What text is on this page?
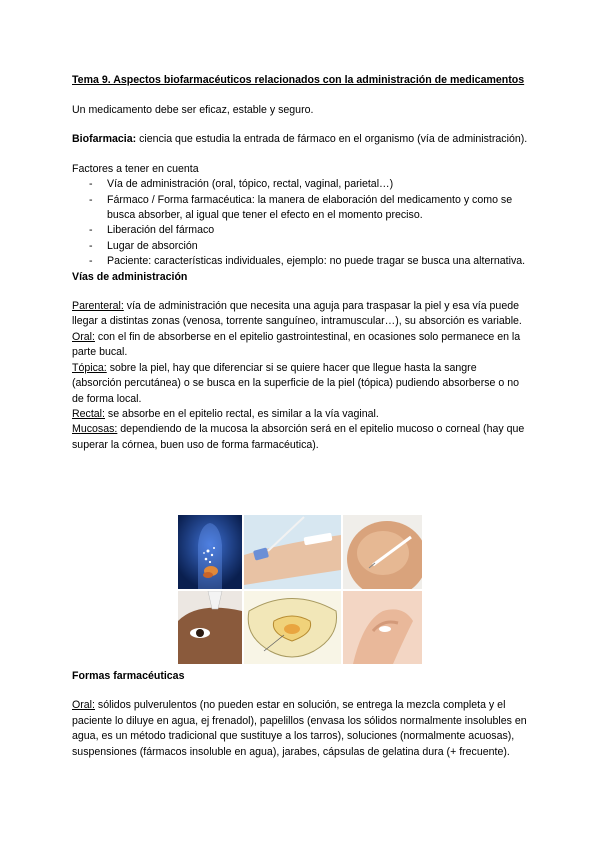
Tema 9. Aspectos biofarmacéuticos relacionados con la administración de medicamentos

Un medicamento debe ser eficaz, estable y seguro.

Biofarmacia: ciencia que estudia la entrada de fármaco en el organismo (vía de administración).

Factores a tener en cuenta

- Vía de administración (oral, tópico, rectal, vaginal, parietal…)
- Fármaco / Forma farmacéutica: la manera de elaboración del medicamento y como se busca absorber, al igual que tener el efecto en el momento preciso.
- Liberación del fármaco
- Lugar de absorción
- Paciente: características individuales, ejemplo: no puede tragar se busca una alternativa.

Vías de administración

Parenteral: vía de administración que necesita una aguja para traspasar la piel y esa vía puede llegar a distintas zonas (venosa, torrente sanguíneo, intramuscular…), su absorción es variable.

Oral: con el fin de absorberse en el epitelio gastrointestinal, en ocasiones solo permanece en la parte bucal.

Tópica: sobre la piel, hay que diferenciar si se quiere hacer que llegue hasta la sangre (absorción percutánea) o se busca en la superficie de la piel (tópica) pudiendo absorberse o no de forma local.

Rectal: se absorbe en el epitelio rectal, es similar a la vía vaginal.

Mucosas: dependiendo de la mucosa la absorción será en el epitelio mucoso o corneal (hay que superar la córnea, buen uso de forma farmacéutica).

Formas farmacéuticas

Oral: sólidos pulverulentos (no pueden estar en solución, se entrega la mezcla completa y el paciente lo diluye en agua, ej frenadol), papelillos (envasa los sólidos normalmente insolubles en agua, es un método tradicional que sustituye a los tarros), soluciones (normalmente acuosas), suspensiones (fármacos insoluble en agua), jarabes, cápsulas de gelatina dura (+ frecuente).
